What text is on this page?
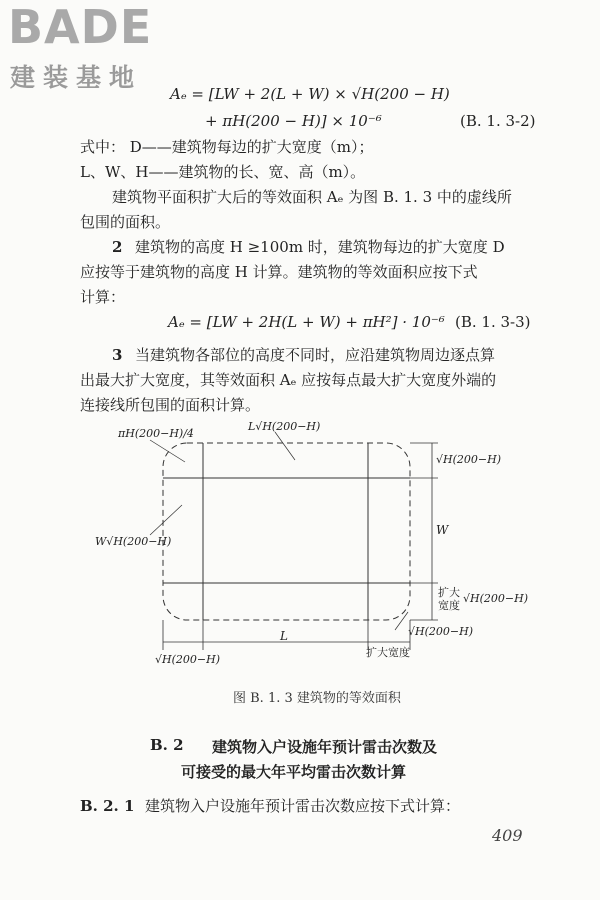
BADE
建装基地
Aₑ = [LW + 2(L + W) × √H(200 − H)
+ πH(200 − H)] × 10⁻⁶	(B. 1. 3-2)
式中： D——建筑物每边的扩大宽度（m）；
L、W、H——建筑物的长、宽、高（m）。
建筑物平面积扩大后的等效面积 Aₑ 为图 B. 1. 3 中的虚线所
包围的面积。
2 建筑物的高度 H ≥100m 时，建筑物每边的扩大宽度 D
应按等于建筑物的高度 H 计算。建筑物的等效面积应按下式
计算：
Aₑ = [LW + 2H(L + W) + πH²] · 10⁻⁶ (B. 1. 3-3)
3 当建筑物各部位的高度不同时，应沿建筑物周边逐点算
出最大扩大宽度，其等效面积 Aₑ 应按每点最大扩大宽度外端的
连接线所包围的面积计算。
πH(200−H)/4
L√H(200−H)
W√H(200−H)
√H(200−H)
W
扩大
宽度
√H(200−H)
√H(200−H)
L
√H(200−H)
扩大宽度
图 B. 1. 3 建筑物的等效面积
B. 2 建筑物入户设施年预计雷击次数及
可接受的最大年平均雷击次数计算
B. 2. 1 建筑物入户设施年预计雷击次数应按下式计算：
409
